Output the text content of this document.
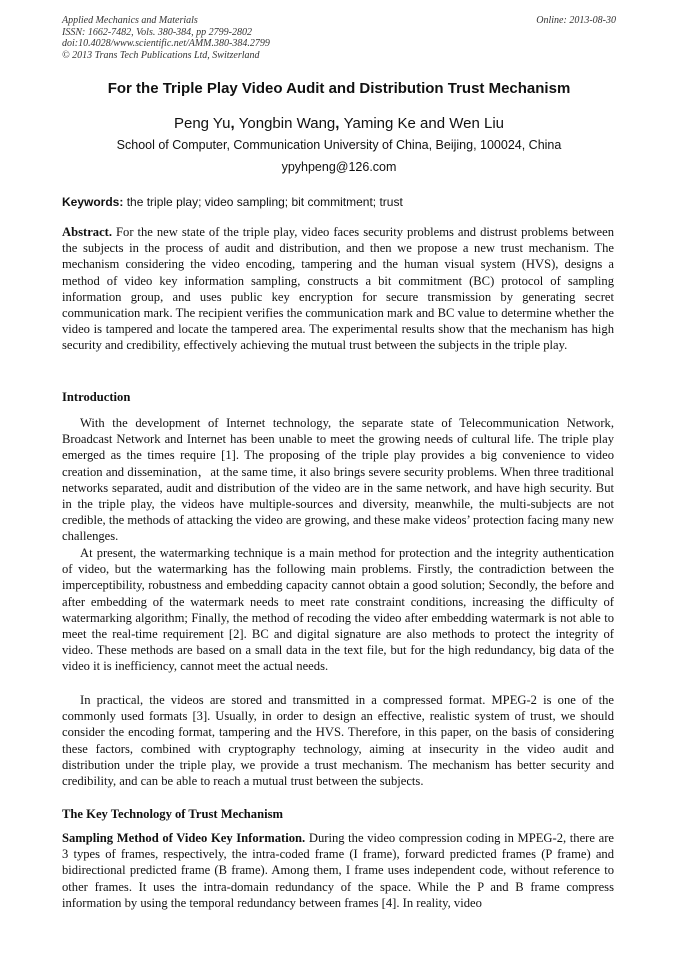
Applied Mechanics and Materials
ISSN: 1662-7482, Vols. 380-384, pp 2799-2802
doi:10.4028/www.scientific.net/AMM.380-384.2799
© 2013 Trans Tech Publications Ltd, Switzerland
Online: 2013-08-30
For the Triple Play Video Audit and Distribution Trust Mechanism
Peng Yu, Yongbin Wang, Yaming Ke and Wen Liu
School of Computer, Communication University of China, Beijing, 100024, China
ypyhpeng@126.com
Keywords: the triple play; video sampling; bit commitment; trust

Abstract. For the new state of the triple play, video faces security problems and distrust problems between the subjects in the process of audit and distribution, and then we propose a new trust mechanism. The mechanism considering the video encoding, tampering and the human visual system (HVS), designs a method of video key information sampling, constructs a bit commitment (BC) protocol of sampling information group, and uses public key encryption for secure transmission by generating secret communication mark. The recipient verifies the communication mark and BC value to determine whether the video is tampered and locate the tampered area. The experimental results show that the mechanism has high security and credibility, effectively achieving the mutual trust between the subjects in the triple play.

Introduction

With the development of Internet technology, the separate state of Telecommunication Network, Broadcast Network and Internet has been unable to meet the growing needs of cultural life. The triple play emerged as the times require [1]. The proposing of the triple play provides a big convenience to video creation and dissemination，at the same time, it also brings severe security problems. When three traditional networks separated, audit and distribution of the video are in the same network, and have high security. But in the triple play, the videos have multiple-sources and diversity, meanwhile, the multi-subjects are not credible, the methods of attacking the video are growing, and these make videos’ protection facing many new challenges.

At present, the watermarking technique is a main method for protection and the integrity authentication of video, but the watermarking has the following main problems. Firstly, the contradiction between the imperceptibility, robustness and embedding capacity cannot obtain a good solution; Secondly, the before and after embedding of the watermark needs to meet rate constraint conditions, increasing the difficulty of watermarking algorithm; Finally, the method of recoding the video after embedding watermark is not able to meet the real-time requirement [2]. BC and digital signature are also methods to protect the integrity of video. These methods are based on a small data in the text file, but for the high redundancy, big data of the video it is inefficiency, cannot meet the actual needs.

In practical, the videos are stored and transmitted in a compressed format. MPEG-2 is one of the commonly used formats [3]. Usually, in order to design an effective, realistic system of trust, we should consider the encoding format, tampering and the HVS. Therefore, in this paper, on the basis of considering these factors, combined with cryptography technology, aiming at insecurity in the video audit and distribution under the triple play, we provide a trust mechanism. The mechanism has better security and credibility, and can be able to reach a mutual trust between the subjects.

The Key Technology of Trust Mechanism

Sampling Method of Video Key Information. During the video compression coding in MPEG-2, there are 3 types of frames, respectively, the intra-coded frame (I frame), forward predicted frames (P frame) and bidirectional predicted frame (B frame). Among them, I frame uses independent code, without reference to other frames. It uses the intra-domain redundancy of the space. While the P and B frame compress information by using the temporal redundancy between frames [4]. In reality, video
